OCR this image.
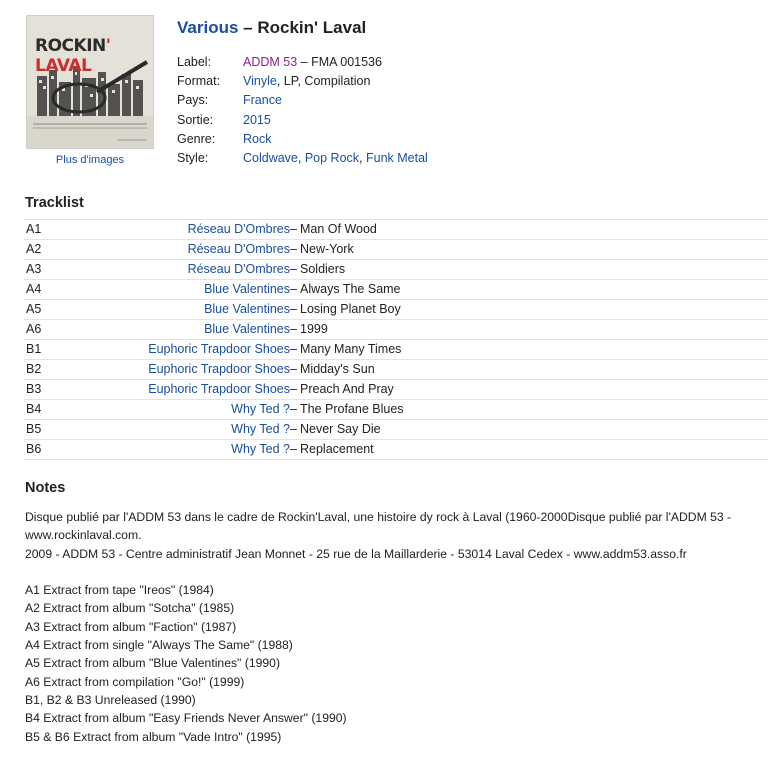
ROCKIN' LAVAL
Plus d'images
Various – Rockin' Laval
Label:	ADDM 53 – FMA 001536
Format:	Vinyle, LP, Compilation
Pays:	France
Sortie:	2015
Genre:	Rock
Style:	Coldwave, Pop Rock, Funk Metal
Tracklist
A1	Réseau D'Ombres – Man Of Wood
A2	Réseau D'Ombres – New-York
A3	Réseau D'Ombres – Soldiers
A4	Blue Valentines – Always The Same
A5	Blue Valentines – Losing Planet Boy
A6	Blue Valentines – 1999
B1	Euphoric Trapdoor Shoes – Many Many Times
B2	Euphoric Trapdoor Shoes – Midday's Sun
B3	Euphoric Trapdoor Shoes – Preach And Pray
B4	Why Ted ? – The Profane Blues
B5	Why Ted ? – Never Say Die
B6	Why Ted ? – Replacement
Notes
Disque publié par l'ADDM 53 dans le cadre de Rockin'Laval, une histoire dy rock à Laval (1960-2000Disque publié par l'ADDM 53 -
www.rockinlaval.com.
2009 - ADDM 53 - Centre administratif Jean Monnet - 25 rue de la Maillarderie - 53014 Laval Cedex - www.addm53.asso.fr
A1 Extract from tape "Ireos" (1984)
A2 Extract from album "Sotcha" (1985)
A3 Extract from album "Faction" (1987)
A4 Extract from single "Always The Same" (1988)
A5 Extract from album "Blue Valentines" (1990)
A6 Extract from compilation "Go!" (1999)
B1, B2 & B3 Unreleased (1990)
B4 Extract from album "Easy Friends Never Answer" (1990)
B5 & B6 Extract from album "Vade Intro" (1995)
